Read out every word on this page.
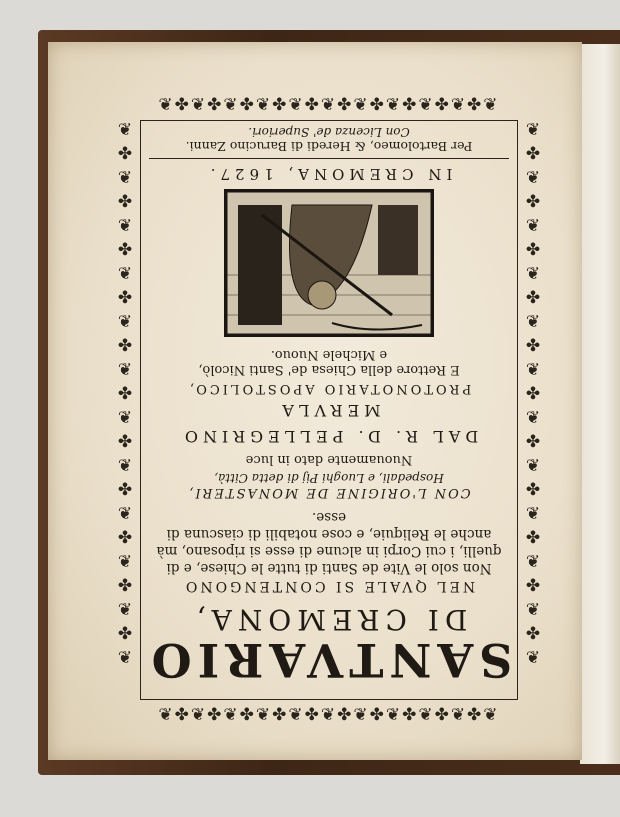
❦✤❦✤❦✤❦✤❦✤❦✤❦✤❦✤❦✤❦✤❦
❦✤❦✤❦✤❦✤❦✤❦✤❦✤❦✤❦✤❦✤❦
❦✤❦✤❦✤❦✤❦✤❦✤❦✤❦✤❦✤❦✤❦✤❦
❦✤❦✤❦✤❦✤❦✤❦✤❦✤❦✤❦✤❦✤❦✤❦
SANTVARIO
DI CREMONA,
NEL QVALE SI CONTENGONO
Non solo le Vite de Santi di tutte le Chiese, e di quelli, i cui Corpi in alcune di esse si riposano, mà anche le Reliquie, e cose notabili di ciascuna di esse.
CON L'ORIGINE DE MONASTERI,
Hospedali, e Luoghi Pij di detta Città,
Nuouamente dato in luce
DAL R. D. PELLEGRINO
MERVLA
PROTONOTARIO APOSTOLICO,
E Rettore della Chiesa de' Santi Nicolò,
e Michele Nuouo.
IN CREMONA, 1627.
Per Bartolomeo, & Heredi di Barucino Zanni.
Con Licenza de' Superiori.
